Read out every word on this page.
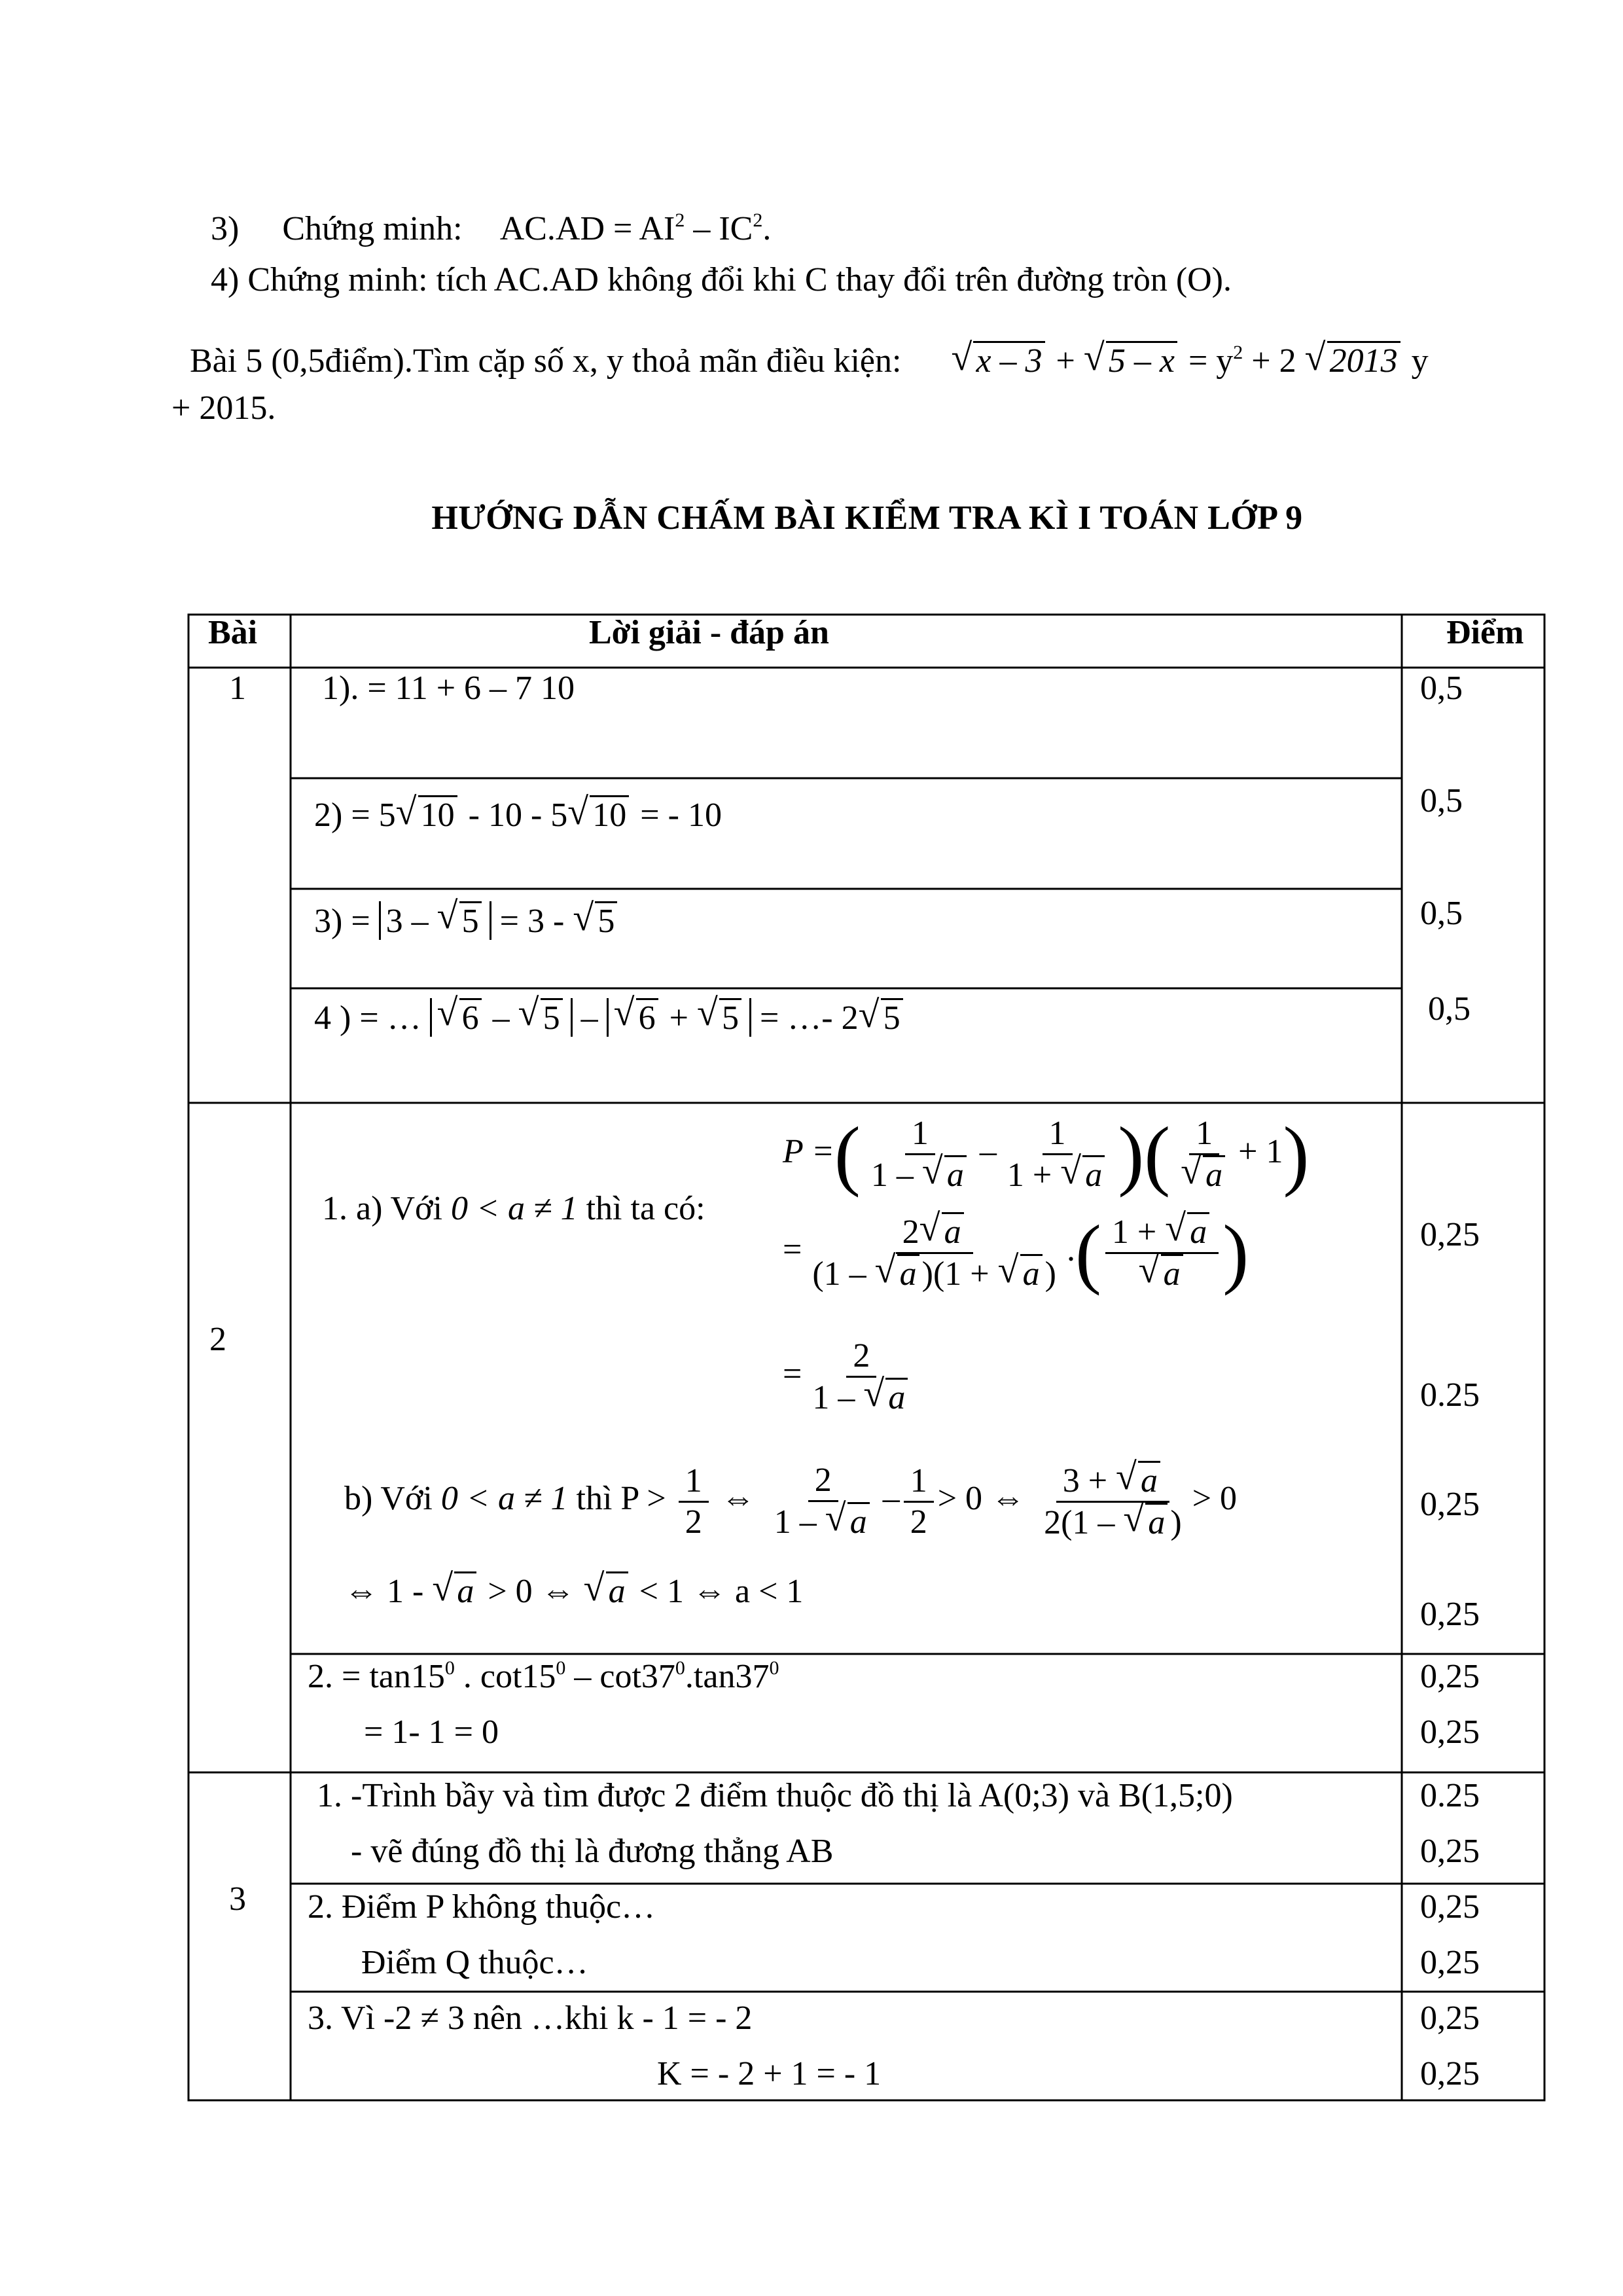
3) Chứng minh: $AC.AD = AI^2 - IC^2$.
4) Chứng minh: tích AC.AD không đổi khi C thay đổi trên đường tròn (O).
Bài 5 (0,5điểm).Tìm cặp số x, y thoả mãn điều kiện: √ x – 3 + √ $5 - x = y^2 + 2$ √ 2013 y
+ 2015.
HƯỚNG DẪN CHẤM BÀI KIỂM TRA KÌ I TOÁN LỚP 9
Bài	Lời giải - đáp án	Điểm
1
2
3
1). = 11 + 6 – 7 10
2) = 5 √ 10 - 10 - 5 √ 10 = - 10
3) = 3 – √ 5 = 3 - √ 5
4 ) = … √ 6 – √ 5 – √ 6 + √ 5 = …- 2 √ 5
0,5
0,5
0,5
0,5
P =( $\frac{1}{1 - √ a} - \frac{1}{1 + √ a}$ )( $\frac{1}{√ a} + 1$)
1. a) Với 0 < a ≠ 1 thì ta có:
= $\frac{2 √ a}{(1 - √ a )(1 + √ a )}$ .( $\frac{1 + √ a}{√ a}$ )
= $\frac{2}{1 - √ a}$
b) Với 0 < a ≠ 1 thì $P > \frac{1}{2}$ ⇔ $\frac{2}{1 - √ a} - \frac{1}{2} > 0$ ⇔ $\frac{3 + √ a}{2(1 - √ a )} > 0$
⇔ 1 - √ a > 0 ⇔ √ a < 1 ⇔ a < 1
2. = $\tan 15^0$ . $\cot 15^0 - \cot 37^0.\tan 37^0$
= 1- 1 = 0
0,25
0.25
0,25
0,25
0,25
0,25
1. -Trình bầy và tìm được 2 điểm thuộc đồ thị là A(0;3) và B(1,5;0)
- vẽ đúng đồ thị là đương thẳng AB
2. Điểm P không thuộc…
Điểm Q thuộc…
3. Vì -2 ≠ 3 nên …khi k - 1 = - 2
K = - 2 + 1 = - 1
0.25
0,25
0,25
0,25
0,25
0,25
